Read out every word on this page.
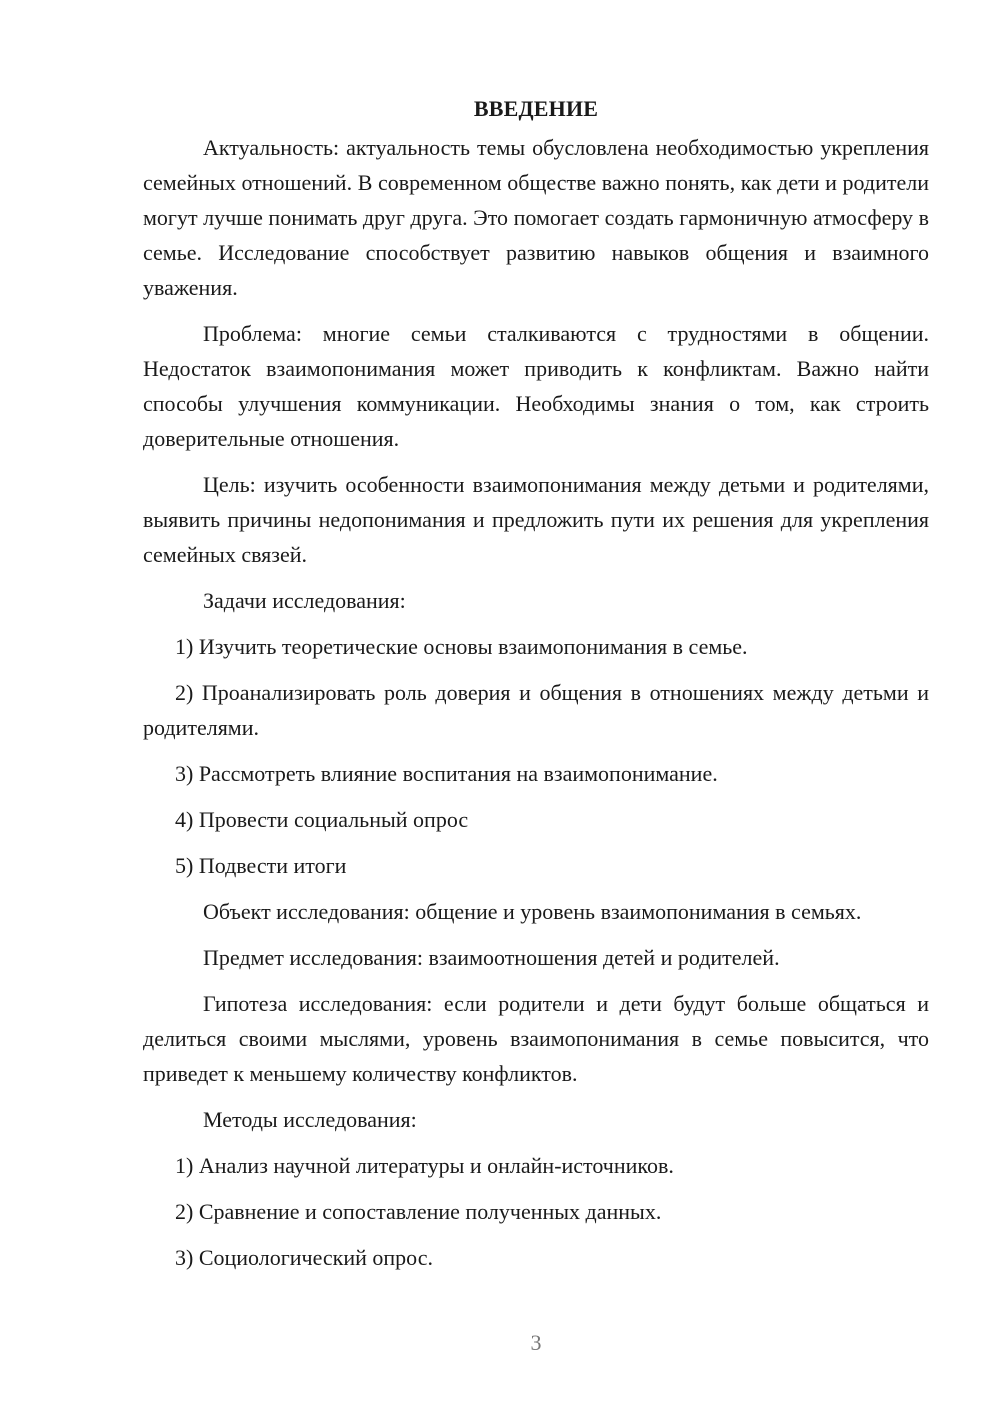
ВВЕДЕНИЕ

Актуальность: актуальность темы обусловлена необходимостью укрепления семейных отношений. В современном обществе важно понять, как дети и родители могут лучше понимать друг друга. Это помогает создать гармоничную атмосферу в семье. Исследование способствует развитию навыков общения и взаимного уважения.

Проблема: многие семьи сталкиваются с трудностями в общении. Недостаток взаимопонимания может приводить к конфликтам. Важно найти способы улучшения коммуникации. Необходимы знания о том, как строить доверительные отношения.

Цель: изучить особенности взаимопонимания между детьми и родителями, выявить причины недопонимания и предложить пути их решения для укрепления семейных связей.

Задачи исследования:

1) Изучить теоретические основы взаимопонимания в семье.

2) Проанализировать роль доверия и общения в отношениях между детьми и родителями.

3) Рассмотреть влияние воспитания на взаимопонимание.

4) Провести социальный опрос

5) Подвести итоги

Объект исследования: общение и уровень взаимопонимания в семьях.

Предмет исследования: взаимоотношения детей и родителей.

Гипотеза исследования: если родители и дети будут больше общаться и делиться своими мыслями, уровень взаимопонимания в семье повысится, что приведет к меньшему количеству конфликтов.

Методы исследования:

1) Анализ научной литературы и онлайн-источников.

2) Сравнение и сопоставление полученных данных.

3) Социологический опрос.

3
